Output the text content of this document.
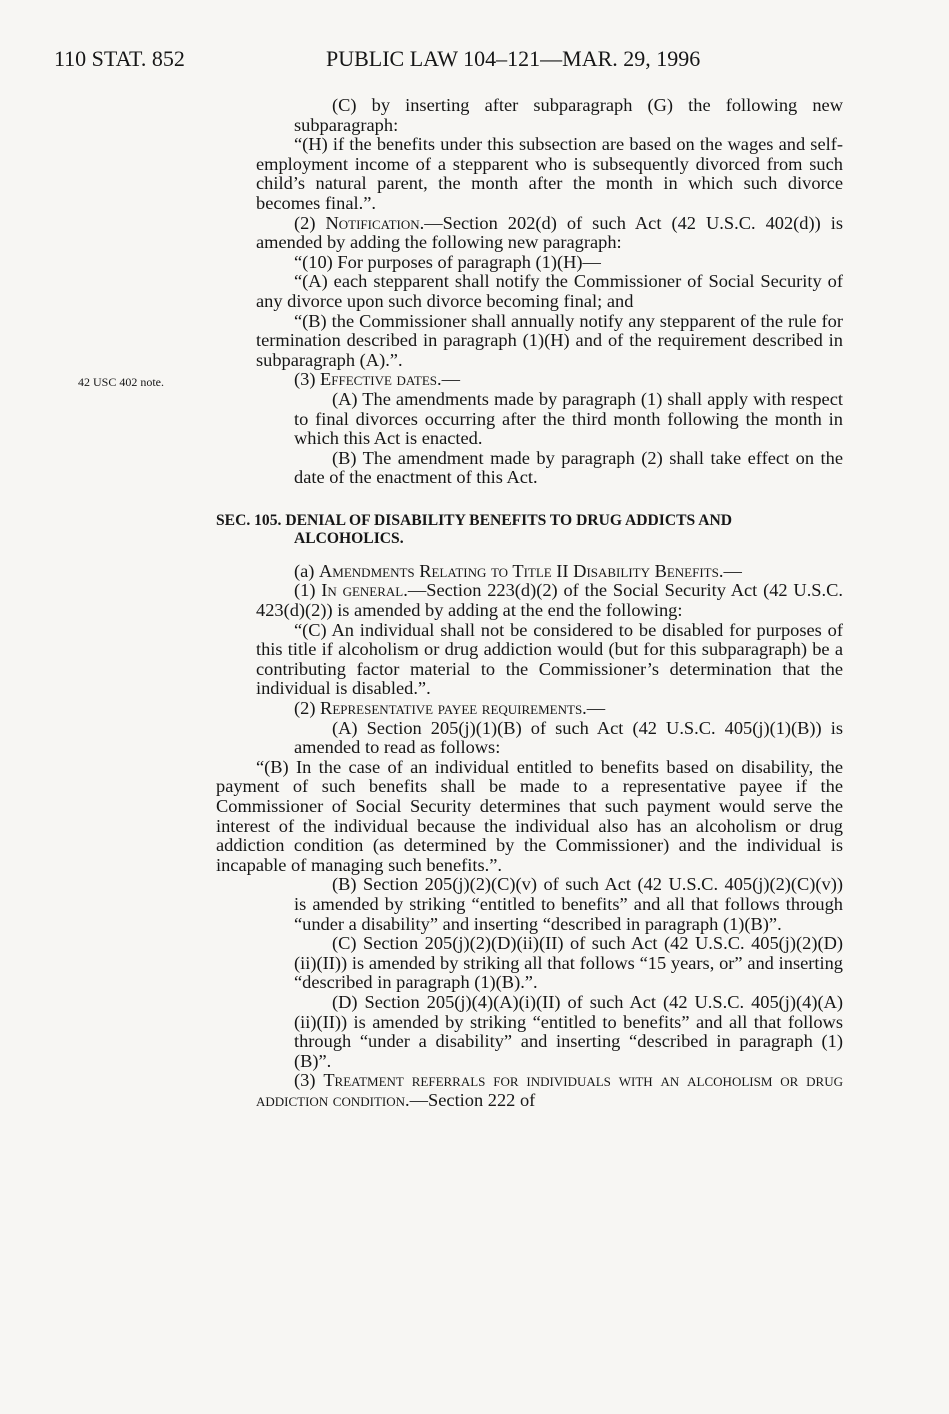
110 STAT. 852	PUBLIC LAW 104–121—MAR. 29, 1996
42 USC 402 note.

(C) by inserting after subparagraph (G) the following new subparagraph:

“(H) if the benefits under this subsection are based on the wages and self-employment income of a stepparent who is subsequently divorced from such child’s natural parent, the month after the month in which such divorce becomes final.”.

(2) Notification.—Section 202(d) of such Act (42 U.S.C. 402(d)) is amended by adding the following new paragraph:

“(10) For purposes of paragraph (1)(H)—

“(A) each stepparent shall notify the Commissioner of Social Security of any divorce upon such divorce becoming final; and

“(B) the Commissioner shall annually notify any stepparent of the rule for termination described in paragraph (1)(H) and of the requirement described in subparagraph (A).”.

(3) Effective dates.—

(A) The amendments made by paragraph (1) shall apply with respect to final divorces occurring after the third month following the month in which this Act is enacted.

(B) The amendment made by paragraph (2) shall take effect on the date of the enactment of this Act.

SEC. 105. DENIAL OF DISABILITY BENEFITS TO DRUG ADDICTS AND ALCOHOLICS.

(a) Amendments Relating to Title II Disability Benefits.—

(1) In general.—Section 223(d)(2) of the Social Security Act (42 U.S.C. 423(d)(2)) is amended by adding at the end the following:

“(C) An individual shall not be considered to be disabled for purposes of this title if alcoholism or drug addiction would (but for this subparagraph) be a contributing factor material to the Commissioner’s determination that the individual is disabled.”.

(2) Representative payee requirements.—

(A) Section 205(j)(1)(B) of such Act (42 U.S.C. 405(j)(1)(B)) is amended to read as follows:

“(B) In the case of an individual entitled to benefits based on disability, the payment of such benefits shall be made to a representative payee if the Commissioner of Social Security determines that such payment would serve the interest of the individual because the individual also has an alcoholism or drug addiction condition (as determined by the Commissioner) and the individual is incapable of managing such benefits.”.

(B) Section 205(j)(2)(C)(v) of such Act (42 U.S.C. 405(j)(2)(C)(v)) is amended by striking “entitled to benefits” and all that follows through “under a disability” and inserting “described in paragraph (1)(B)”.

(C) Section 205(j)(2)(D)(ii)(II) of such Act (42 U.S.C. 405(j)(2)(D)(ii)(II)) is amended by striking all that follows “15 years, or” and inserting “described in paragraph (1)(B).”.

(D) Section 205(j)(4)(A)(i)(II) of such Act (42 U.S.C. 405(j)(4)(A)(ii)(II)) is amended by striking “entitled to benefits” and all that follows through “under a disability” and inserting “described in paragraph (1)(B)”.

(3) Treatment referrals for individuals with an alcoholism or drug addiction condition.—Section 222 of
